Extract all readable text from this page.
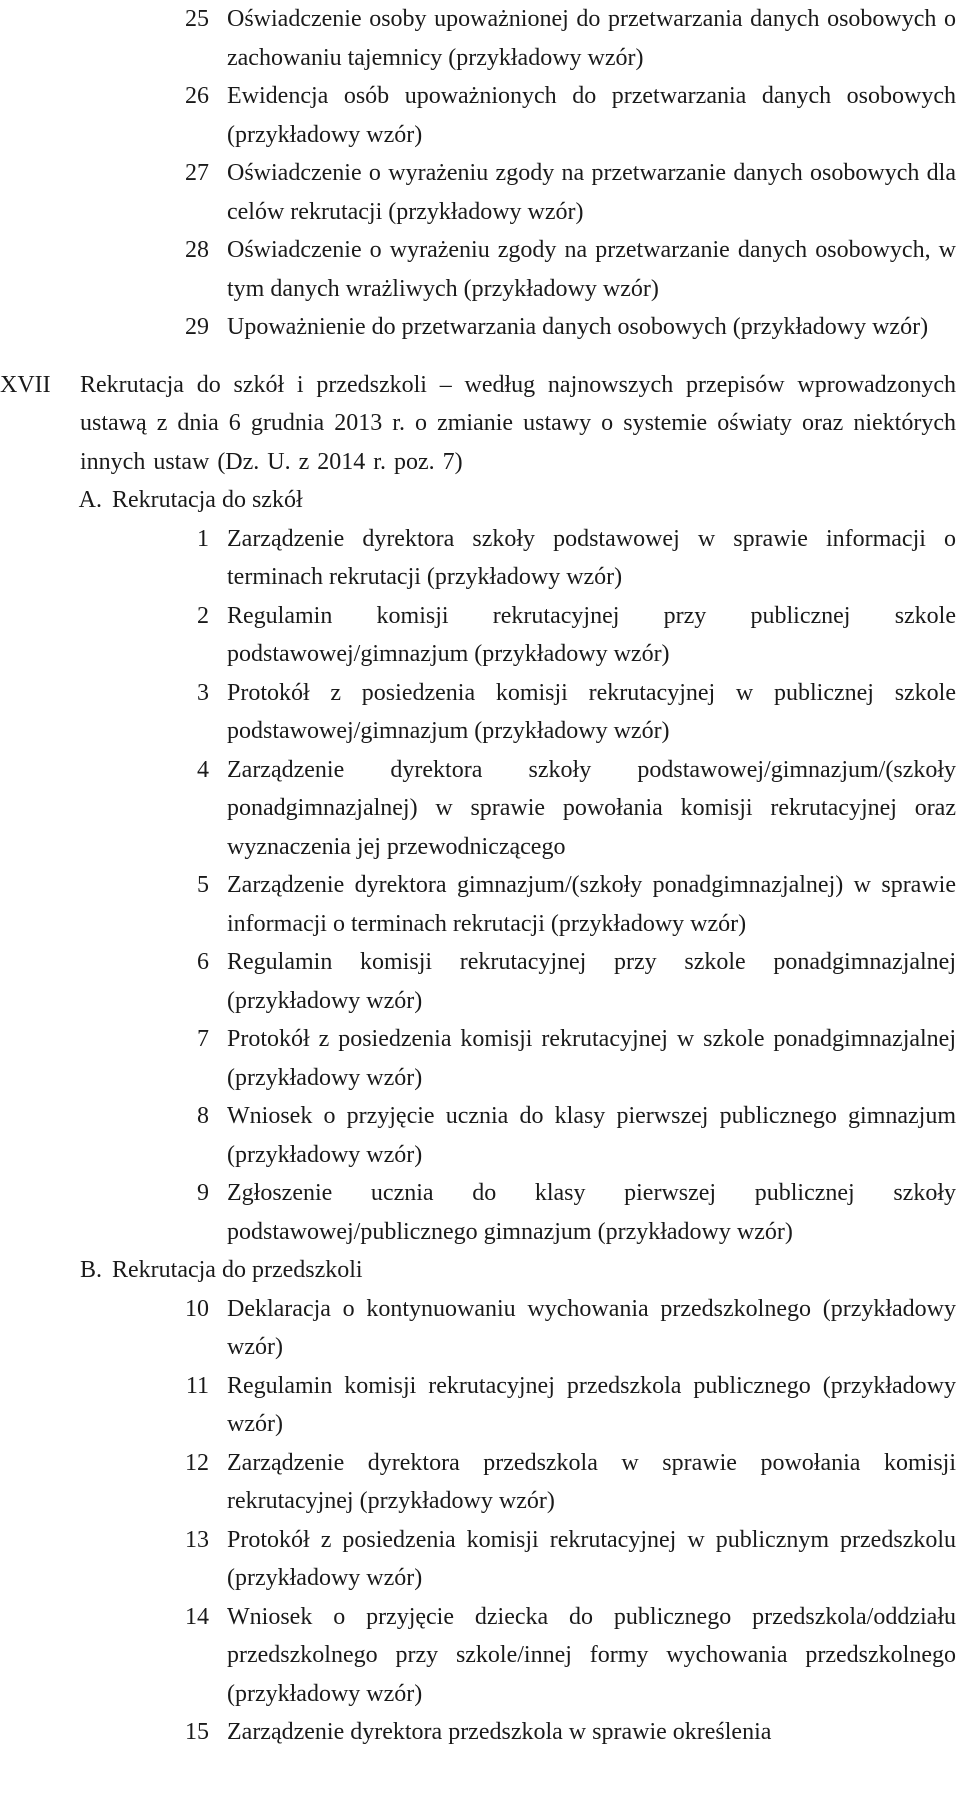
25 Oświadczenie osoby upoważnionej do przetwarzania danych osobowych o zachowaniu tajemnicy (przykładowy wzór)
26 Ewidencja osób upoważnionych do przetwarzania danych osobowych (przykładowy wzór)
27 Oświadczenie o wyrażeniu zgody na przetwarzanie danych osobowych dla celów rekrutacji (przykładowy wzór)
28 Oświadczenie o wyrażeniu zgody na przetwarzanie danych osobowych, w tym danych wrażliwych (przykładowy wzór)
29 Upoważnienie do przetwarzania danych osobowych (przykładowy wzór)
XVII	Rekrutacja do szkół i przedszkoli – według najnowszych przepisów wprowadzonych ustawą z dnia 6 grudnia 2013 r. o zmianie ustawy o systemie oświaty oraz niektórych innych ustaw (Dz. U. z 2014 r. poz. 7)
A. Rekrutacja do szkół
1 Zarządzenie dyrektora szkoły podstawowej w sprawie informacji o terminach rekrutacji (przykładowy wzór)
2 Regulamin komisji rekrutacyjnej przy publicznej szkole podstawowej/gimnazjum (przykładowy wzór)
3 Protokół z posiedzenia komisji rekrutacyjnej w publicznej szkole podstawowej/gimnazjum (przykładowy wzór)
4 Zarządzenie dyrektora szkoły podstawowej/gimnazjum/(szkoły ponadgimnazjalnej) w sprawie powołania komisji rekrutacyjnej oraz wyznaczenia jej przewodniczącego
5 Zarządzenie dyrektora gimnazjum/(szkoły ponadgimnazjalnej) w sprawie informacji o terminach rekrutacji (przykładowy wzór)
6 Regulamin komisji rekrutacyjnej przy szkole ponadgimnazjalnej (przykładowy wzór)
7 Protokół z posiedzenia komisji rekrutacyjnej w szkole ponadgimnazjalnej (przykładowy wzór)
8 Wniosek o przyjęcie ucznia do klasy pierwszej publicznego gimnazjum (przykładowy wzór)
9 Zgłoszenie ucznia do klasy pierwszej publicznej szkoły podstawowej/publicznego gimnazjum (przykładowy wzór)
B. Rekrutacja do przedszkoli
10 Deklaracja o kontynuowaniu wychowania przedszkolnego (przykładowy wzór)
11 Regulamin komisji rekrutacyjnej przedszkola publicznego (przykładowy wzór)
12 Zarządzenie dyrektora przedszkola w sprawie powołania komisji rekrutacyjnej (przykładowy wzór)
13 Protokół z posiedzenia komisji rekrutacyjnej w publicznym przedszkolu (przykładowy wzór)
14 Wniosek o przyjęcie dziecka do publicznego przedszkola/oddziału przedszkolnego przy szkole/innej formy wychowania przedszkolnego (przykładowy wzór)
15 Zarządzenie dyrektora przedszkola w sprawie określenia
